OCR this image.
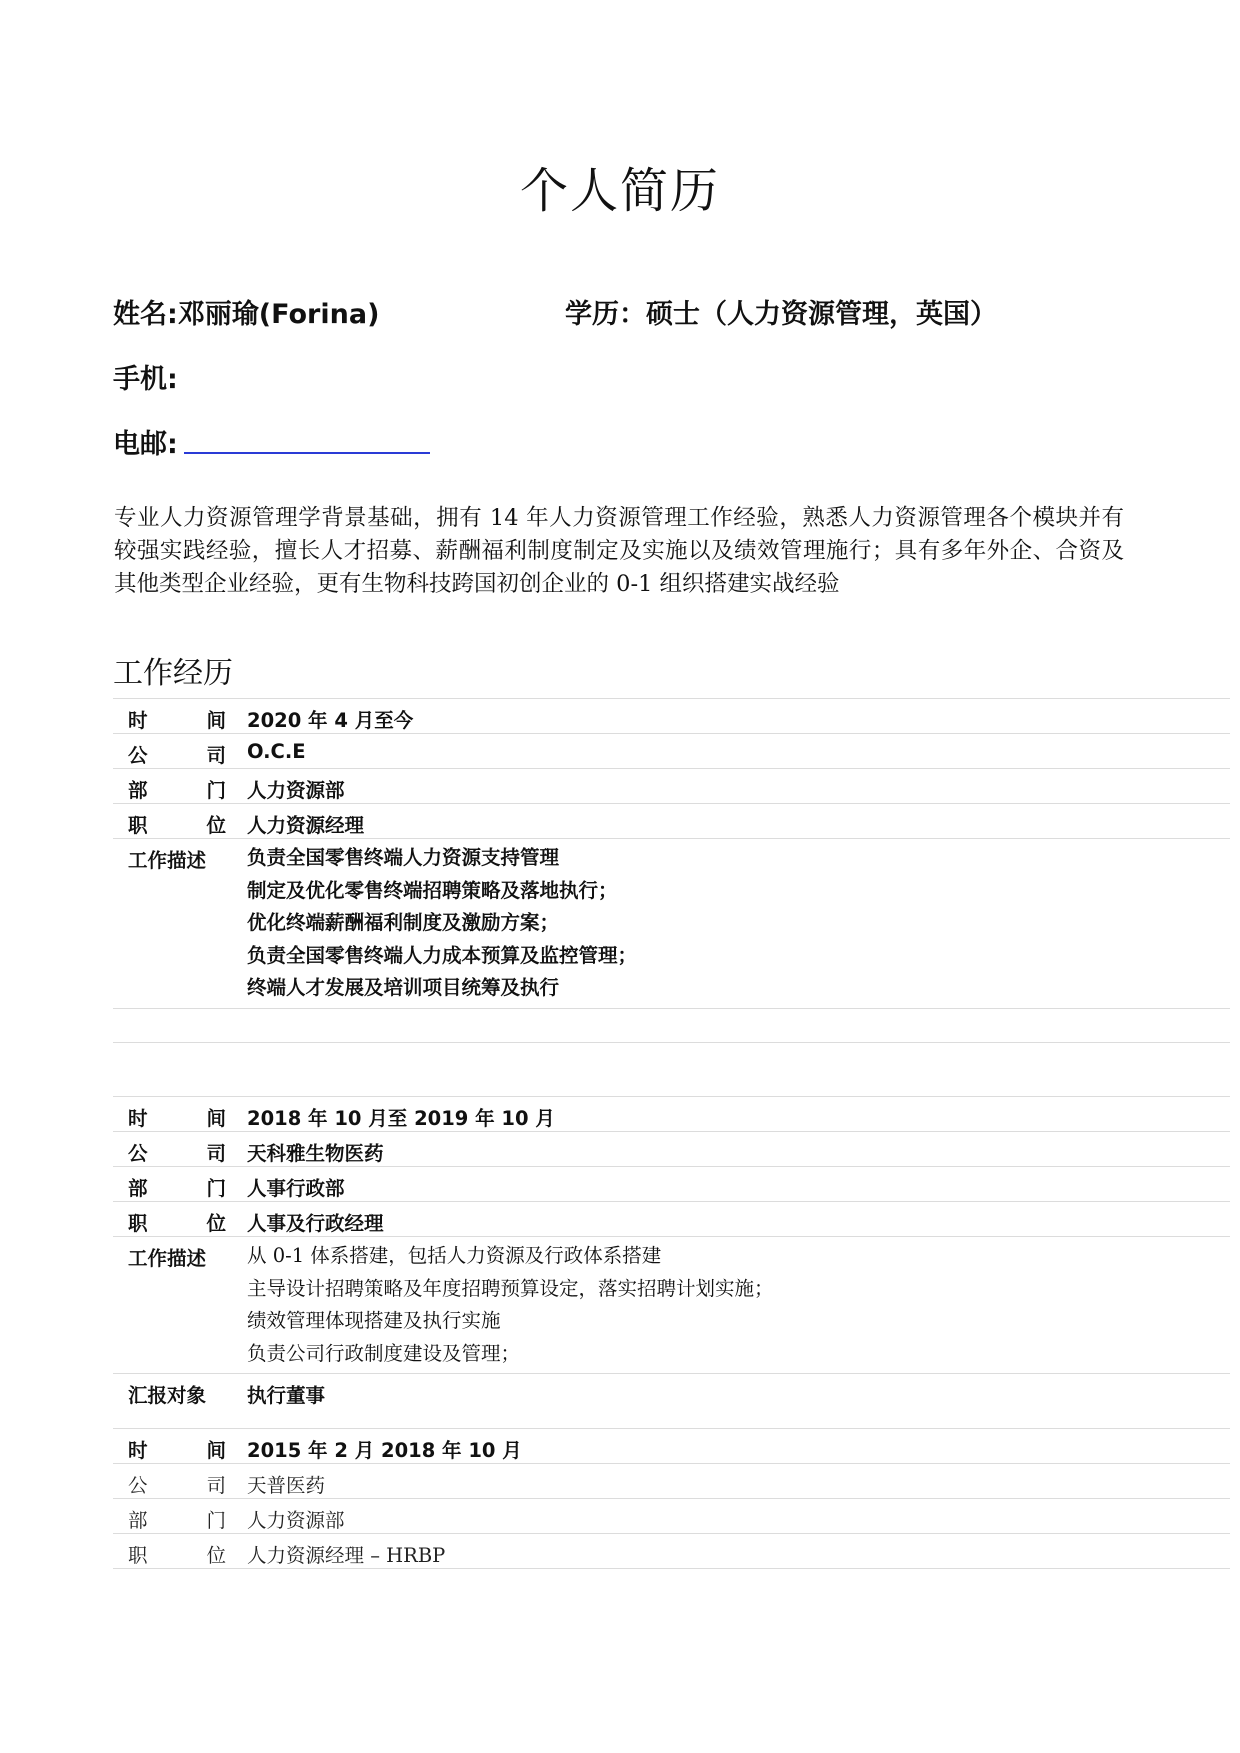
个人简历
姓名:邓丽瑜(Forina)	学历：硕士（人力资源管理，英国）
手机:
电邮:
专业人力资源管理学背景基础，拥有 14 年人力资源管理工作经验，熟悉人力资源管理各个模块并有较强实践经验，擅长人才招募、薪酬福利制度制定及实施以及绩效管理施行；具有多年外企、合资及其他类型企业经验，更有生物科技跨国初创企业的 0-1 组织搭建实战经验
工作经历
时	间 2020 年 4 月至今
公	司 O.C.E
部	门 人力资源部
职	位 人力资源经理
工作描述	负责全国零售终端人力资源支持管理
制定及优化零售终端招聘策略及落地执行；
优化终端薪酬福利制度及激励方案；
负责全国零售终端人力成本预算及监控管理；
终端人才发展及培训项目统筹及执行
时	间 2018 年 10 月至 2019 年 10 月
公	司 天科雅生物医药
部	门 人事行政部
职	位 人事及行政经理
工作描述	从 0-1 体系搭建，包括人力资源及行政体系搭建
主导设计招聘策略及年度招聘预算设定，落实招聘计划实施；
绩效管理体现搭建及执行实施
负责公司行政制度建设及管理；
汇报对象	执行董事
时	间 2015 年 2 月 2018 年 10 月
公	司 天普医药
部	门 人力资源部
职	位 人力资源经理 – HRBP
